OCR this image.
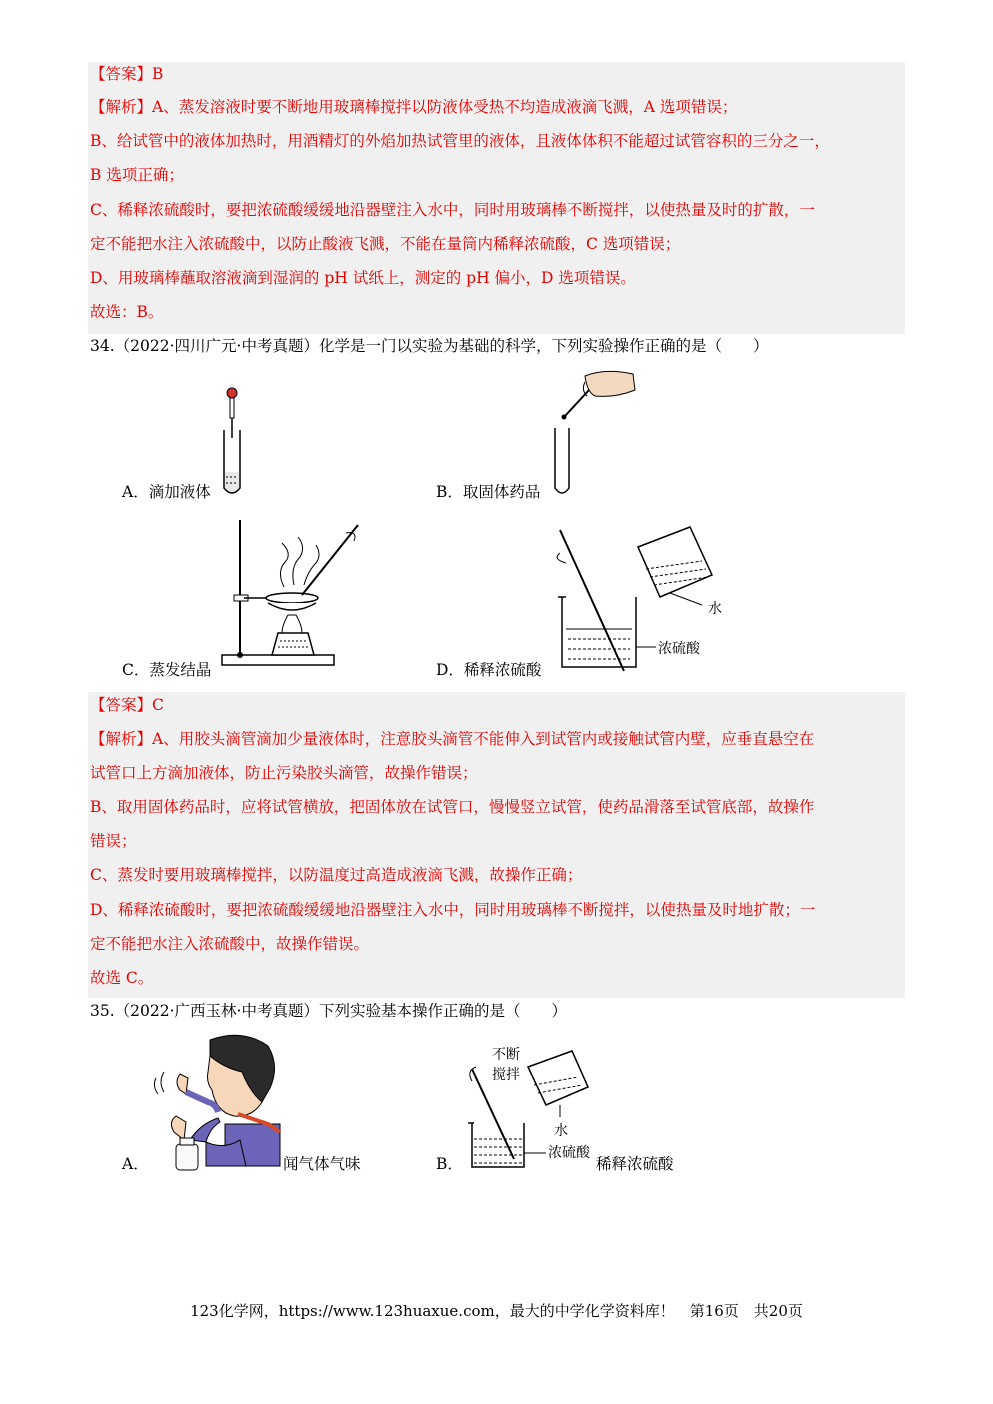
【答案】B
【解析】A、蒸发溶液时要不断地用玻璃棒搅拌以防液体受热不均造成液滴飞溅，A 选项错误；
B、给试管中的液体加热时，用酒精灯的外焰加热试管里的液体，且液体体积不能超过试管容积的三分之一，
B 选项正确；
C、稀释浓硫酸时，要把浓硫酸缓缓地沿器壁注入水中，同时用玻璃棒不断搅拌，以使热量及时的扩散，一
定不能把水注入浓硫酸中，以防止酸液飞溅，不能在量筒内稀释浓硫酸，C 选项错误；
D、用玻璃棒蘸取溶液滴到湿润的 pH 试纸上，测定的 pH 偏小，D 选项错误。
故选：B。
34.（2022·四川广元·中考真题）化学是一门以实验为基础的科学，下列实验操作正确的是（　　）
A．滴加液体	B．取固体药品
C．蒸发结晶
水
浓硫酸
D．稀释浓硫酸
【答案】C
【解析】A、用胶头滴管滴加少量液体时，注意胶头滴管不能伸入到试管内或接触试管内壁，应垂直悬空在
试管口上方滴加液体，防止污染胶头滴管，故操作错误；
B、取用固体药品时，应将试管横放，把固体放在试管口，慢慢竖立试管，使药品滑落至试管底部，故操作
错误；
C、蒸发时要用玻璃棒搅拌，以防温度过高造成液滴飞溅，故操作正确；
D、稀释浓硫酸时，要把浓硫酸缓缓地沿器壁注入水中，同时用玻璃棒不断搅拌，以使热量及时地扩散；一
定不能把水注入浓硫酸中，故操作错误。
故选 C。
35.（2022·广西玉林·中考真题）下列实验基本操作正确的是（　　）
A．	闻气体气味
不断
搅拌
水
浓硫酸
B．	稀释浓硫酸
123化学网，https://www.123huaxue.com，最大的中学化学资料库！　第16页　共20页
